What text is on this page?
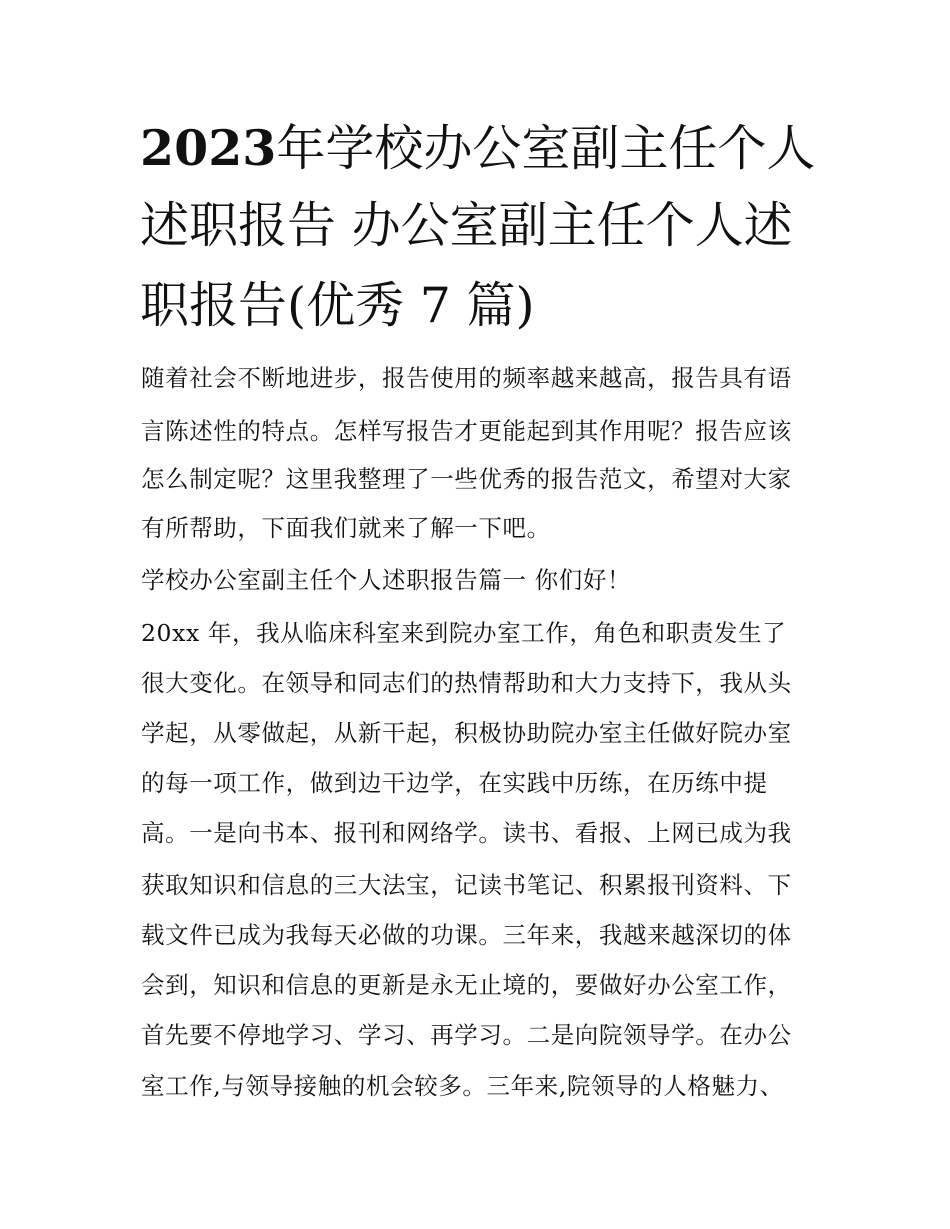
2023年学校办公室副主任个人
述职报告 办公室副主任个人述
职报告(优秀 7 篇)
随着社会不断地进步，报告使用的频率越来越高，报告具有语
言陈述性的特点。怎样写报告才更能起到其作用呢？报告应该
怎么制定呢？这里我整理了一些优秀的报告范文，希望对大家
有所帮助，下面我们就来了解一下吧。
学校办公室副主任个人述职报告篇一 你们好！
20xx 年，我从临床科室来到院办室工作，角色和职责发生了
很大变化。在领导和同志们的热情帮助和大力支持下，我从头
学起，从零做起，从新干起，积极协助院办室主任做好院办室
的每一项工作，做到边干边学，在实践中历练，在历练中提
高。一是向书本、报刊和网络学。读书、看报、上网已成为我
获取知识和信息的三大法宝，记读书笔记、积累报刊资料、下
载文件已成为我每天必做的功课。三年来，我越来越深切的体
会到，知识和信息的更新是永无止境的，要做好办公室工作，
首先要不停地学习、学习、再学习。二是向院领导学。在办公
室工作,与领导接触的机会较多。三年来,院领导的人格魅力、
